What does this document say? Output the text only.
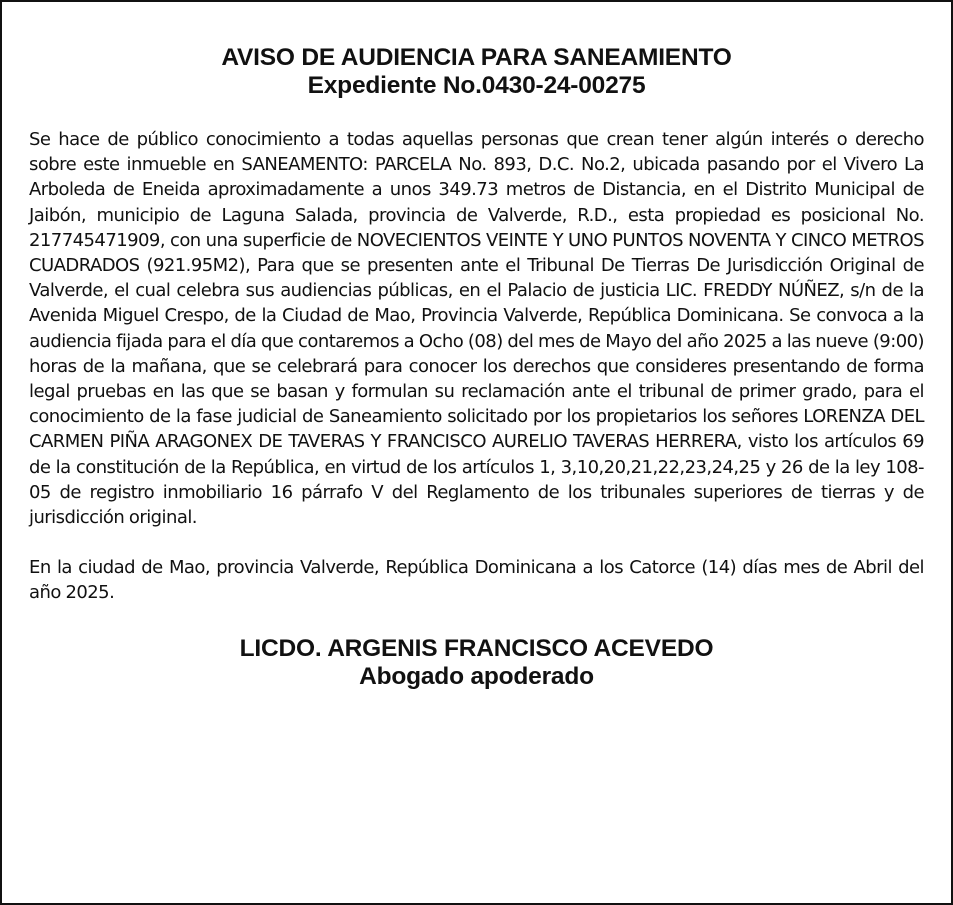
AVISO DE AUDIENCIA PARA SANEAMIENTO
Expediente No.0430-24-00275

Se hace de público conocimiento a todas aquellas personas que crean tener algún interés o derecho sobre este inmueble en SANEAMENTO: PARCELA No. 893, D.C. No.2, ubicada pasando por el Vivero La Arboleda de Eneida aproximadamente a unos 349.73 metros de Distancia, en el Distrito Municipal de Jaibón, municipio de Laguna Salada, provincia de Valverde, R.D., esta propiedad es posicional No. 217745471909, con una superficie de NOVECIENTOS VEINTE Y UNO PUNTOS NOVENTA Y CINCO METROS CUADRADOS (921.95M2), Para que se presenten ante el Tribunal De Tierras De Jurisdicción Original de Valverde, el cual celebra sus audiencias públicas, en el Palacio de justicia LIC. FREDDY NÚÑEZ, s/n de la Avenida Miguel Crespo, de la Ciudad de Mao, Provincia Valverde, República Dominicana. Se convoca a la audiencia fijada para el día que contaremos a Ocho (08) del mes de Mayo del año 2025 a las nueve (9:00) horas de la mañana, que se celebrará para conocer los derechos que consideres presentando de forma legal pruebas en las que se basan y formulan su reclamación ante el tribunal de primer grado, para el conocimiento de la fase judicial de Saneamiento solicitado por los propietarios los señores LORENZA DEL CARMEN PIÑA ARAGONEX DE TAVERAS Y FRANCISCO AURELIO TAVERAS HERRERA, visto los artículos 69 de la constitución de la República, en virtud de los artículos 1, 3,10,20,21,22,23,24,25 y 26 de la ley 108-05 de registro inmobiliario 16 párrafo V del Reglamento de los tribunales superiores de tierras y de jurisdicción original.

En la ciudad de Mao, provincia Valverde, República Dominicana a los Catorce (14) días mes de Abril del año 2025.

LICDO. ARGENIS FRANCISCO ACEVEDO
Abogado apoderado
